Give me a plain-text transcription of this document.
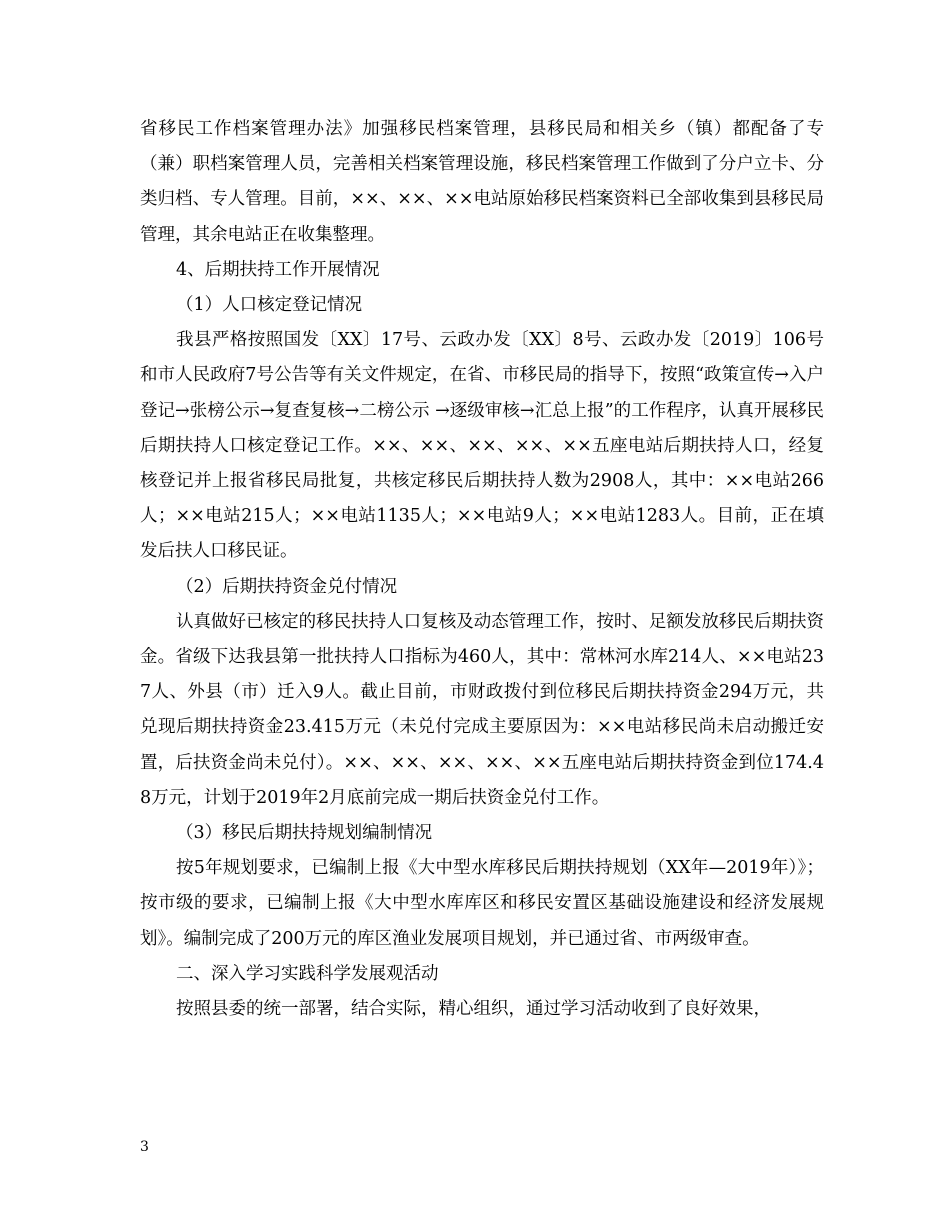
省移民工作档案管理办法》加强移民档案管理，县移民局和相关乡（镇）都配备了专（兼）职档案管理人员，完善相关档案管理设施，移民档案管理工作做到了分户立卡、分类归档、专人管理。目前，××、××、××电站原始移民档案资料已全部收集到县移民局管理，其余电站正在收集整理。

4、后期扶持工作开展情况

（1）人口核定登记情况

我县严格按照国发〔XX〕17号、云政办发〔XX〕8号、云政办发〔2019〕106号和市人民政府7号公告等有关文件规定，在省、市移民局的指导下，按照“政策宣传→入户登记→张榜公示→复查复核→二榜公示 →逐级审核→汇总上报”的工作程序，认真开展移民后期扶持人口核定登记工作。××、××、××、××、××五座电站后期扶持人口，经复核登记并上报省移民局批复，共核定移民后期扶持人数为2908人，其中：××电站266人；××电站215人；××电站1135人；××电站9人；××电站1283人。目前，正在填发后扶人口移民证。

（2）后期扶持资金兑付情况

认真做好已核定的移民扶持人口复核及动态管理工作，按时、足额发放移民后期扶资金。省级下达我县第一批扶持人口指标为460人，其中：常林河水库214人、××电站237人、外县（市）迁入9人。截止目前，市财政拨付到位移民后期扶持资金294万元，共兑现后期扶持资金23.415万元（未兑付完成主要原因为：××电站移民尚未启动搬迁安置，后扶资金尚未兑付）。××、××、××、××、××五座电站后期扶持资金到位174.48万元，计划于2019年2月底前完成一期后扶资金兑付工作。

（3）移民后期扶持规划编制情况

按5年规划要求，已编制上报《大中型水库移民后期扶持规划（XX年—2019年）》；按市级的要求，已编制上报《大中型水库库区和移民安置区基础设施建设和经济发展规划》。编制完成了200万元的库区渔业发展项目规划，并已通过省、市两级审查。

二、深入学习实践科学发展观活动

按照县委的统一部署，结合实际，精心组织，通过学习活动收到了良好效果，

3
